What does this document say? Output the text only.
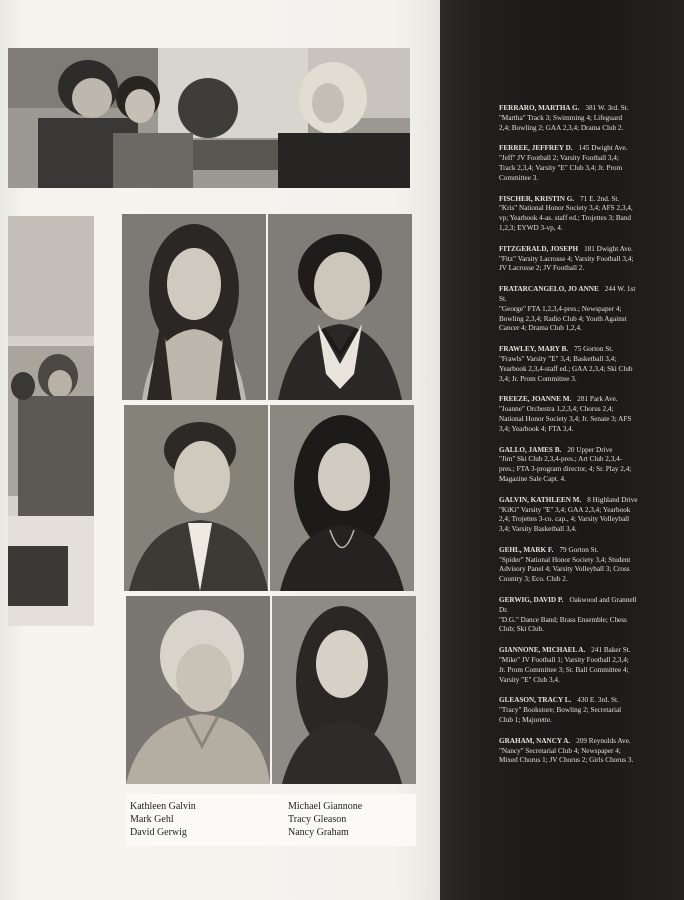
Kathleen Galvin
Mark Gehl
David Gerwig
Michael Giannone
Tracy Gleason
Nancy Graham
FERRARO, MARTHA G. 381 W. 3rd. St.
"Martha" Track 3; Swimming 4; Lifeguard
2,4; Bowling 2; GAA 2,3,4; Drama Club 2.
FERREE, JEFFREY D. 145 Dwight Ave.
"Jeff" JV Football 2; Varsity Football 3,4;
Track 2,3,4; Varsity "E" Club 3,4; Jr. Prom
Committee 3.
FISCHER, KRISTIN G. 71 E. 2nd. St.
"Kris" National Honor Society 3,4; AFS 2,3,4,
vp; Yearbook 4-as. staff ed.; Trojettes 3; Band
1,2,3; EYWD 3-vp, 4.
FITZGERALD, JOSEPH 181 Dwight Ave.
"Fitz" Varsity Lacrosse 4; Varsity Football 3,4;
JV Lacrosse 2; JV Football 2.
FRATARCANGELO, JO ANNE 244 W. 1st
St.
"George" FTA 1,2,3,4-pres.; Newspaper 4;
Bowling 2,3,4; Radio Club 4; Youth Against
Cancer 4; Drama Club 1,2,4.
FRAWLEY, MARY B. 75 Gorton St.
"Frawls" Varsity "E" 3,4; Basketball 3,4;
Yearbook 2,3,4-staff ed.; GAA 2,3,4; Ski Club
3,4; Jr. Prom Committee 3.
FREEZE, JOANNE M. 281 Park Ave.
"Joanne" Orchestra 1,2,3,4; Chorus 2,4;
National Honor Society 3,4; Jr. Senate 3; AFS
3,4; Yearbook 4; FTA 3,4.
GALLO, JAMES B. 20 Upper Drive
"Jim" Ski Club 2,3,4-pres.; Art Club 2,3,4-
pres.; FTA 3-program director, 4; Sr. Play 2,4;
Magazine Sale Capt. 4.
GALVIN, KATHLEEN M. 8 Highland Drive
"KiKi" Varsity "E" 3,4; GAA 2,3,4; Yearbook
2,4; Trojettes 3-co. cap., 4; Varsity Volleyball
3,4; Varsity Basketball 3,4.
GEHL, MARK F. 79 Gorton St.
"Spider" National Honor Society 3,4; Student
Advisory Panel 4; Varsity Volleyball 3; Cross
Country 3; Eco. Club 2.
GERWIG, DAVID P. Oakwood and Grannell
Dr.
"D.G." Dance Band; Brass Ensemble; Chess
Club; Ski Club.
GIANNONE, MICHAEL A. 241 Baker St.
"Mike" JV Football 1; Varsity Football 2,3,4;
Jr. Prom Committee 3; Sr. Ball Committee 4;
Varsity "E" Club 3,4.
GLEASON, TRACY L. 430 E. 3rd. St.
"Tracy" Bookstore; Bowling 2; Secretarial
Club 1; Majorette.
GRAHAM, NANCY A. 209 Reynolds Ave.
"Nancy" Secretarial Club 4; Newspaper 4;
Mixed Chorus 1; JV Chorus 2; Girls Chorus 3.
